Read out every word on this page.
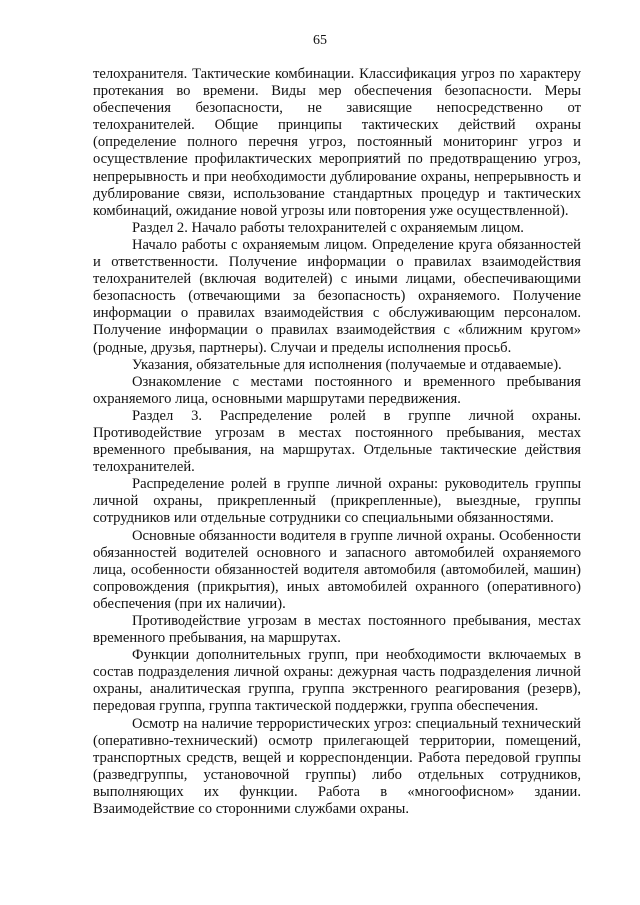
65

телохранителя. Тактические комбинации. Классификация угроз по характеру протекания во времени. Виды мер обеспечения безопасности. Меры обеспечения безопасности, не зависящие непосредственно от телохранителей. Общие принципы тактических действий охраны (определение полного перечня угроз, постоянный мониторинг угроз и осуществление профилактических мероприятий по предотвращению угроз, непрерывность и при необходимости дублирование охраны, непрерывность и дублирование связи, использование стандартных процедур и тактических комбинаций, ожидание новой угрозы или повторения уже осуществленной).

Раздел 2. Начало работы телохранителей с охраняемым лицом.

Начало работы с охраняемым лицом. Определение круга обязанностей и ответственности. Получение информации о правилах взаимодействия телохранителей (включая водителей) с иными лицами, обеспечивающими безопасность (отвечающими за безопасность) охраняемого. Получение информации о правилах взаимодействия с обслуживающим персоналом. Получение информации о правилах взаимодействия с «ближним кругом» (родные, друзья, партнеры). Случаи и пределы исполнения просьб.

Указания, обязательные для исполнения (получаемые и отдаваемые).

Ознакомление с местами постоянного и временного пребывания охраняемого лица, основными маршрутами передвижения.

Раздел 3. Распределение ролей в группе личной охраны. Противодействие угрозам в местах постоянного пребывания, местах временного пребывания, на маршрутах. Отдельные тактические действия телохранителей.

Распределение ролей в группе личной охраны: руководитель группы личной охраны, прикрепленный (прикрепленные), выездные, группы сотрудников или отдельные сотрудники со специальными обязанностями.

Основные обязанности водителя в группе личной охраны. Особенности обязанностей водителей основного и запасного автомобилей охраняемого лица, особенности обязанностей водителя автомобиля (автомобилей, машин) сопровождения (прикрытия), иных автомобилей охранного (оперативного) обеспечения (при их наличии).

Противодействие угрозам в местах постоянного пребывания, местах временного пребывания, на маршрутах.

Функции дополнительных групп, при необходимости включаемых в состав подразделения личной охраны: дежурная часть подразделения личной охраны, аналитическая группа, группа экстренного реагирования (резерв), передовая группа, группа тактической поддержки, группа обеспечения.

Осмотр на наличие террористических угроз: специальный технический (оперативно-технический) осмотр прилегающей территории, помещений, транспортных средств, вещей и корреспонденции. Работа передовой группы (разведгруппы, установочной группы) либо отдельных сотрудников, выполняющих их функции. Работа в «многоофисном» здании. Взаимодействие со сторонними службами охраны.
